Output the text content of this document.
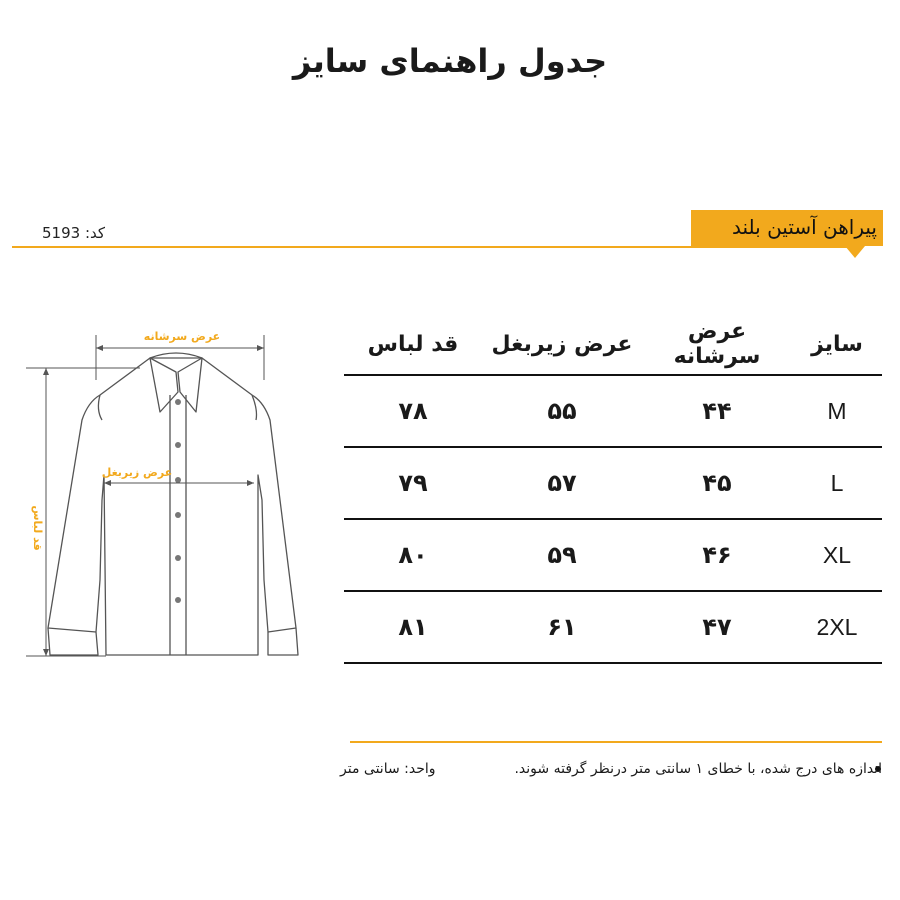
جدول راهنمای سایز
کد: 5193	پیراهن آستین بلند
عرض سرشانه
عرض زیربغل
قد لباس
سایز	عرض سرشانه	عرض زیربغل	قد لباس
M	۴۴	۵۵	۷۸
L	۴۵	۵۷	۷۹
XL	۴۶	۵۹	۸۰
2XL	۴۷	۶۱	۸۱
اندازه های درج شده، با خطای ۱ سانتی متر درنظر گرفته شوند.
واحد: سانتی متر
